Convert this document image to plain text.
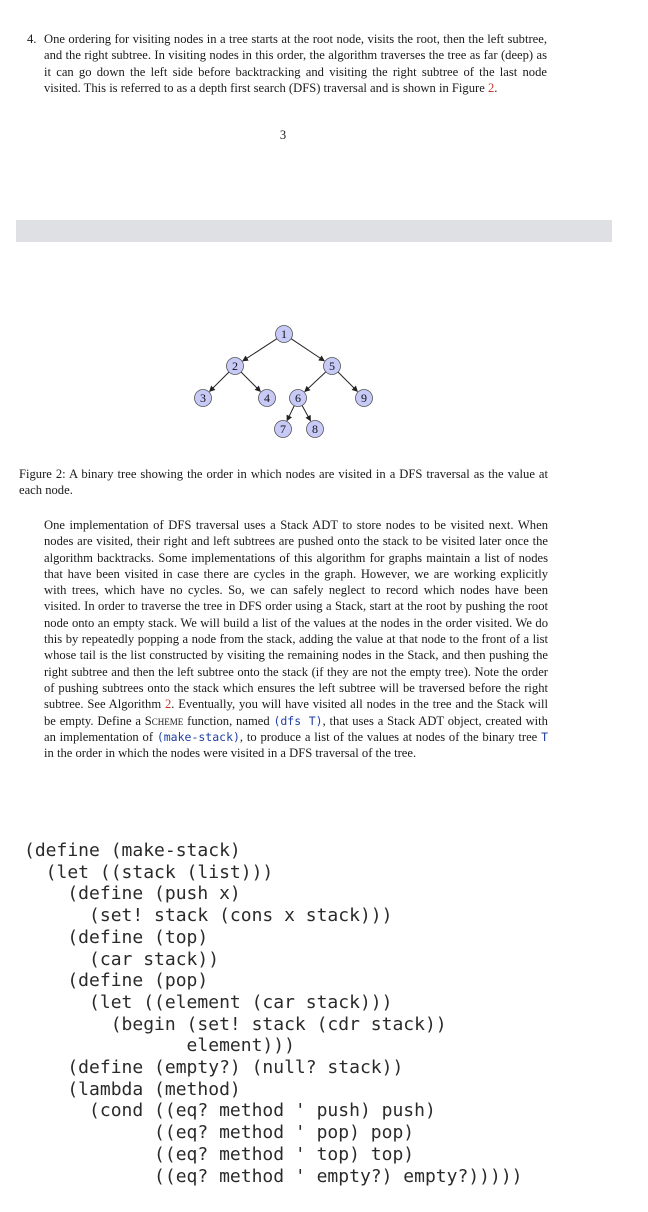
4. One ordering for visiting nodes in a tree starts at the root node, visits the root, then the left subtree, and the right subtree. In visiting nodes in this order, the algorithm traverses the tree as far (deep) as it can go down the left side before backtracking and visiting the right subtree of the last node visited. This is referred to as a depth first search (DFS) traversal and is shown in Figure 2.
3
1
2
3	4
5
6
7 8
9

Figure 2: A binary tree showing the order in which nodes are visited in a DFS traversal as the value at each node.

One implementation of DFS traversal uses a Stack ADT to store nodes to be visited next. When nodes are visited, their right and left subtrees are pushed onto the stack to be visited later once the algorithm backtracks. Some implementations of this algorithm for graphs maintain a list of nodes that have been visited in case there are cycles in the graph. However, we are working explicitly with trees, which have no cycles. So, we can safely neglect to record which nodes have been visited. In order to traverse the tree in DFS order using a Stack, start at the root by pushing the root node onto an empty stack. We will build a list of the values at the nodes in the order visited. We do this by repeatedly popping a node from the stack, adding the value at that node to the front of a list whose tail is the list constructed by visiting the remaining nodes in the Stack, and then pushing the right subtree and then the left subtree onto the stack (if they are not the empty tree). Note the order of pushing subtrees onto the stack which ensures the left subtree will be traversed before the right subtree. See Algorithm 2. Eventually, you will have visited all nodes in the tree and the Stack will be empty. Define a Scheme function, named (dfs T), that uses a Stack ADT object, created with an implementation of (make-stack), to produce a list of the values at nodes of the binary tree T in the order in which the nodes were visited in a DFS traversal of the tree.

(define (make-stack)
(let ((stack (list)))
(define (push x)
(set! stack (cons x stack)))
(define (top)
(car stack))
(define (pop)
(let ((element (car stack)))
(begin (set! stack (cdr stack))
element)))
(define (empty?) (null? stack))
(lambda (method)
(cond ((eq? method ' push) push)
((eq? method ' pop) pop)
((eq? method ' top) top)
((eq? method ' empty?) empty?)))))
